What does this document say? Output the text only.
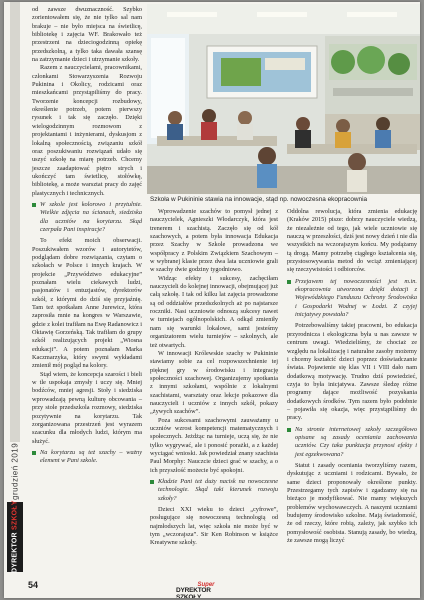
grudzień 2019
DYREKTOR

SZKOŁY
Szkoła w Pukininie stawia na innowacje, stąd np. nowoczesna ekopracownia

od zawsze dwuznaczność. Szybko zorientowałem się, że nie tylko sal nam brakuje – nie było miejsca na świetlicę, bibliotekę i zajęcia WF. Brakowało też przestrzeni na dzieciogodzinną opiekę przedszkolną, a tylko taka dawała szansę na zatrzymanie dzieci i utrzymanie szkoły.

Razem z nauczycielami, pracownikami, członkami Stowarzyszenia Rozwoju Pukinina i Okolicy, rodzicami oraz mieszkańcami przystąpiliśmy do pracy. Tworzenie koncepcji rozbudowy, określenie potrzeb, potem pierwszy rysunek i tak się zaczęło. Dzięki wielogodzinnym rozmowom z projektantami i inżynierami, dyskusjom z lokalną społecznością, związaniu szkół oraz poszukiwaniu rozwiązań udało się uszyć szkołę na miarę potrzeb. Chcemy jeszcze zaadaptować piętro strych i ukończyć tam świetlicę, stołówkę, bibliotekę, a może warsztat pracy do zajęć plastycznych i technicznych.

W szkole jest kolorowo i przytulnie. Wielkie zdjęcia na ścianach, siedziska dla uczniów na korytarzu. Skąd czerpała Pani inspiracje?

To efekt moich obserwacji. Poszukiwałem wzorów i autorytetów, podglądam dobre rozwiązania, czytam o szkołach w Polsce i innych krajach. W projekcie „Przywództwo edukacyjne” poznałam wielu ciekawych ludzi, pasjonatów i entuzjastów, dyrektorów szkół, z którymi do dziś się przyjaźnię. Tam też spotkałam Anne Jurewicz, która zaprosiła mnie na kongres w Warszawie, gdzie z kolei trafiłam na Ewę Radanowicz i Oktawię Gorzeńską. Tak trafiłam do grupy szkół realizujących projekt „Wiosna edukacji”. A potem poznałam Marka Kaczmarzyka, który swymi wykładami zmienił mój pogląd na kolory.

Stąd wiem, że koncepcja szarości i bieli w tle uspokaja zmysły i uczy się. Mniej bodźców, mniej agresji. Stoły i siedziska wprowadzają pewną kulturę obcowania – przy stole przedszkola rozmowy, siedziska pozytywnie na korytarzu. Tak zorganizowana przestrzeń jest wyrazem szacunku dla młodych ludzi, którym ma służyć.

Na korytarzu są też szachy – ważny element w Pani szkole.

Wprowadzenie szachów to pomysł jednej z nauczycielek, Agnieszki Włodarczyk, która jest trenerem i szachistą. Zaczęło się od kół szachowych, a potem była innowacja Edukacja przez Szachy w Szkole prowadzona we współpracy z Polskim Związkiem Szachowym – w wybranej klasie przez dwa lata uczniowie grali w szachy dwie godziny tygodniowo.

Widząc efekty i sukcesy, zachęciłam nauczycieli do kolejnej innowacji, obejmującej już całą szkołę. I tak od kilku lat zajęcia prowadzone są od oddziałów przedszkolnych aż po najstarsze roczniki. Nasi uczniowie odnoszą sukcesy nawet w turniejach ogólnopolskich. A odkąd zmieniły nam się warunki lokalowe, sami jesteśmy organizatorem wielu turniejów – szkolnych, ale też otwartych.

W innowacji Królewskie szachy w Pukininie stawiamy sobie za cel rozpowszechnienie tej pięknej gry w środowisku i integrację społeczności szachowej. Organizujemy spotkania z innymi szkołami, wspólnie z lokalnymi szachistami, warsztaty oraz lekcje pokazowe dla nauczycieli i uczniów z innych szkół, pokazy „żywych szachów”.

Poza sukcesami szachowymi zauważamy u uczniów wzrost kompetencji matematycznych i społecznych. Jeżdżąc na turnieje, uczą się, że nie tylko wygrywać, ale i ponosić porażki, a z każdej wyciągać wnioski. Jak powiedział znany szachista Paul Morphy: Nauczcie dzieci grać w szachy, a o ich przyszłość możecie być spokojni.

Kładzie Pani też duży nacisk na nowoczesne technologie. Skąd taki kierunek rozwoju szkoły?

Dzieci XXI wieku to dzieci „cyfrowe”, posługujące się nowoczesną technologią od najmłodszych lat, więc szkoła nie może być w tym „wczorajsza”. Sir Ken Robinson w książce Kreatywne szkoły.

Oddolna rewolucja, która zmienia edukację (Kraków 2015) pisze: dobrzy nauczyciele wiedzą, że niezależnie od tego, jak wiele uczniowie się nauczą w przeszłości, dziś jest nowy dzień i nie dla wszystkich na wczorajszym końcu. My podążamy tą drogą. Mamy potrzebę ciągłego kształcenia się, przystosowywania metod do wciąż zmieniającej się rzeczywistości i odbiorców.

Przejawem tej nowoczesności jest m.in. ekopracownia utworzona dzięki dotacji z Wojewódzkiego Funduszu Ochrony Środowiska i Gospodarki Wodnej w Łodzi. Z czyjej inicjatywy powstała?

Potrzebowaliśmy takiej pracowni, bo edukacja przyrodnicza i ekologiczna była u nas zawsze w centrum uwagi. Wiedzieliśmy, że chociaż ze względu na lokalizację i naturalne zasoby możemy i chcemy kształcić dzieci poprzez doświadczanie świata. Pojawienie się klas VII i VIII dało nam dodatkową motywację. Trudno dziś powiedzieć, czyja to była inicjatywa. Zawsze śledzę różne programy dające możliwość pozyskania dodatkowych środków. Tym razem było podobnie – pojawiła się okazja, więc przystąpiliśmy do pracy.

Na stronie internetowej szkoły szczegółowo opisane są zasady oceniania zachowania uczniów. Czy taka punktacja przynosi efekty i jest egzekwowana?

Statut i zasady oceniania tworzyliśmy razem, dyskutując z uczniami i rodzicami. Bywało, że same dzieci proponowały określone punkty. Przestrzegamy tych zapisów i zgadzamy się na bieżąco je modyfikować. Nie mamy większych problemów wychowawczych. A naszymi uczniami budujemy środowisko szkolne. Mają świadomość, że od rzeczy, które robią, zależy, jak szybko ich pomysłowość osobista. Stanują zasady, bo wiedzą, że zawsze mogą liczyć

54	Super
DYREKTOR SZKOŁY
